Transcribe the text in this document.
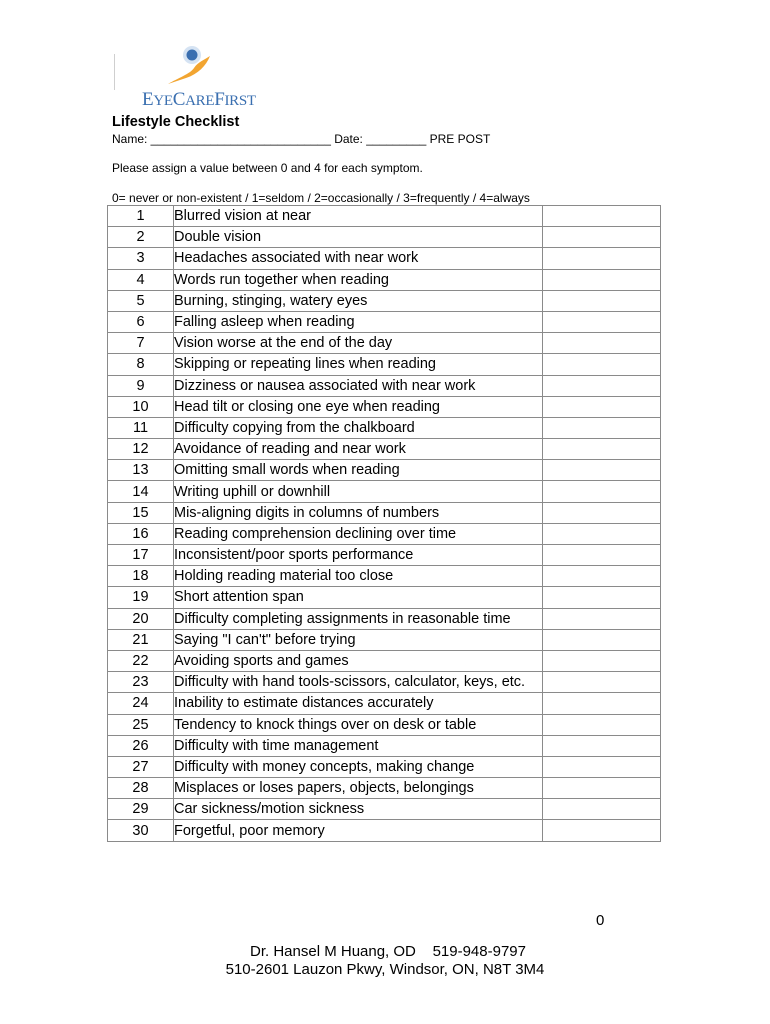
EYECAREFIRST
Lifestyle Checklist
Name: ___________________________ Date: _________ PRE POST
Please assign a value between 0 and 4 for each symptom.
0= never or non-existent / 1=seldom / 2=occasionally / 3=frequently / 4=always
1	Blurred vision at near	
2	Double vision	
3	Headaches associated with near work	
4	Words run together when reading	
5	Burning, stinging, watery eyes	
6	Falling asleep when reading	
7	Vision worse at the end of the day	
8	Skipping or repeating lines when reading	
9	Dizziness or nausea associated with near work	
10	Head tilt or closing one eye when reading	
11	Difficulty copying from the chalkboard	
12	Avoidance of reading and near work	
13	Omitting small words when reading	
14	Writing uphill or downhill	
15	Mis-aligning digits in columns of numbers	
16	Reading comprehension declining over time	
17	Inconsistent/poor sports performance	
18	Holding reading material too close	
19	Short attention span	
20	Difficulty completing assignments in reasonable time	
21	Saying "I can't" before trying	
22	Avoiding sports and games	
23	Difficulty with hand tools-scissors, calculator, keys, etc.	
24	Inability to estimate distances accurately	
25	Tendency to knock things over on desk or table	
26	Difficulty with time management	
27	Difficulty with money concepts, making change	
28	Misplaces or loses papers, objects, belongings	
29	Car sickness/motion sickness	
30	Forgetful, poor memory	
0
Dr. Hansel M Huang, OD    519-948-9797
510-2601 Lauzon Pkwy, Windsor, ON, N8T 3M4
